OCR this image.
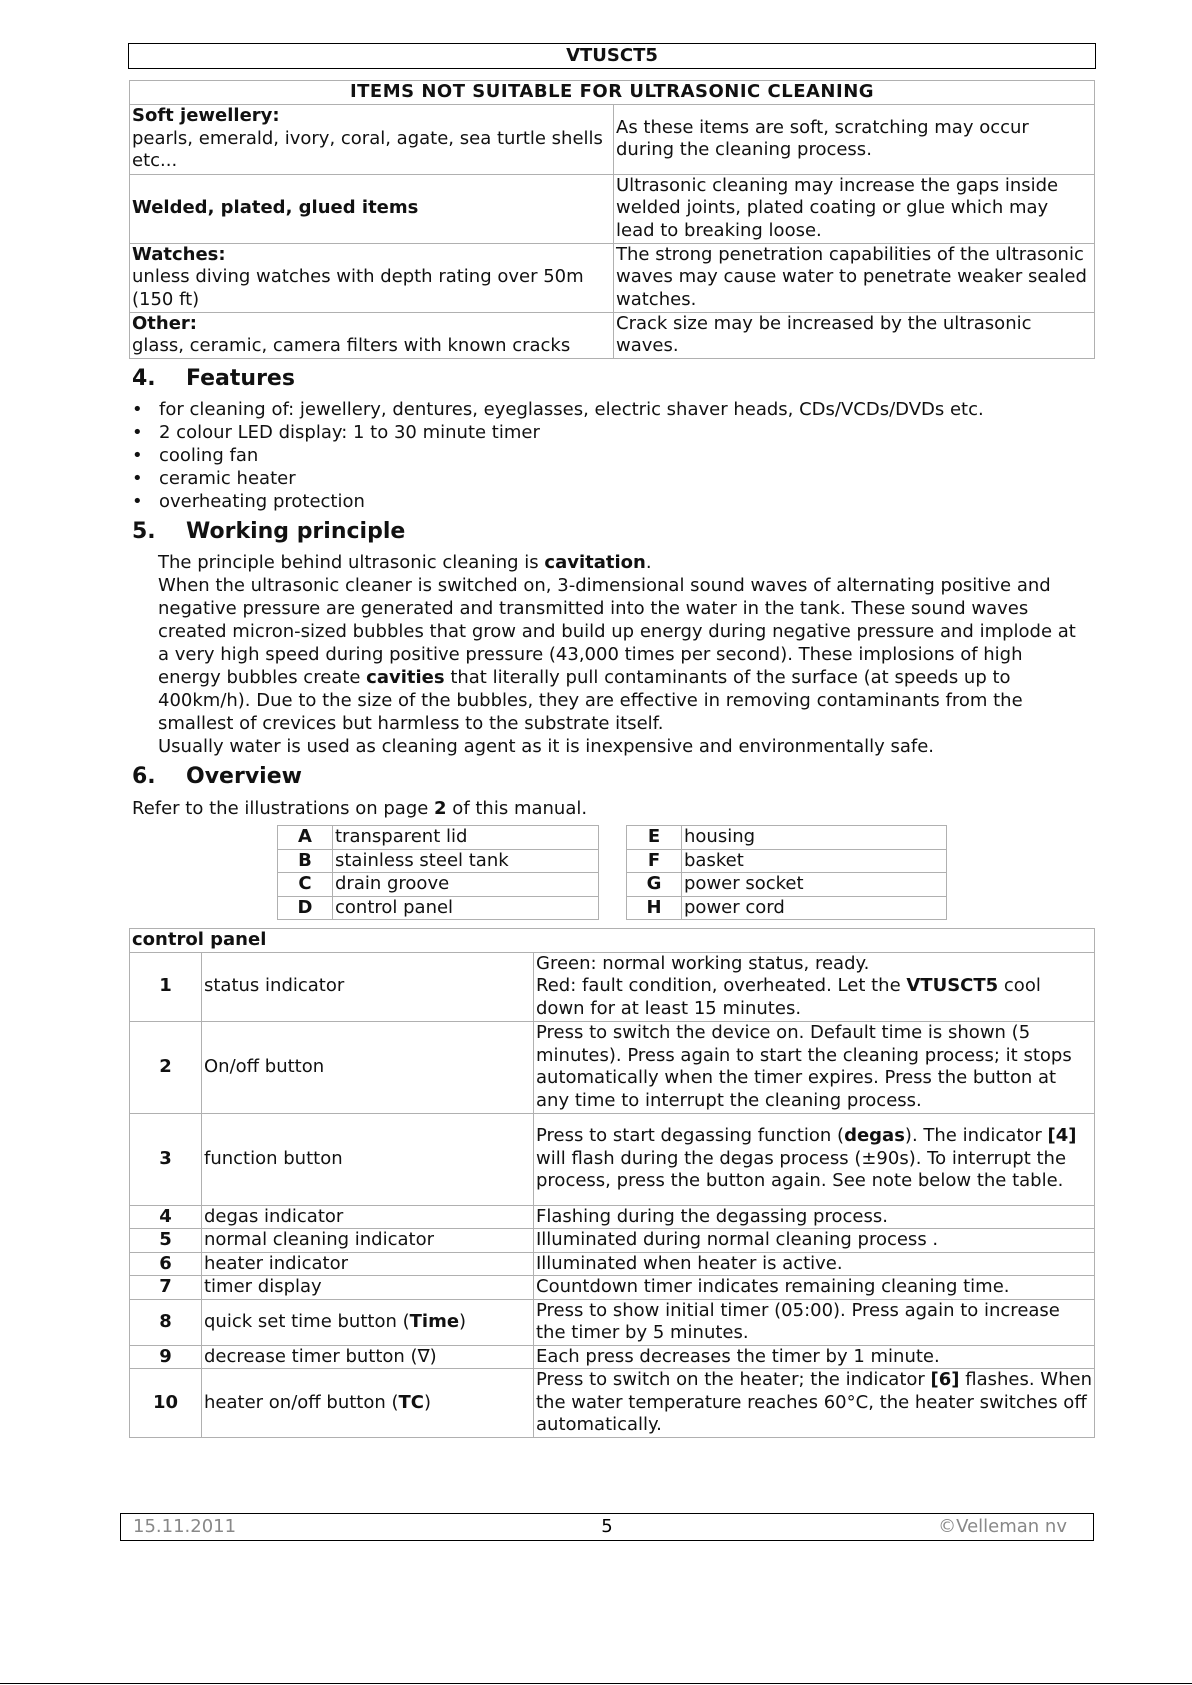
VTUSCT5
ITEMS NOT SUITABLE FOR ULTRASONIC CLEANING	
Soft jewellery:
pearls, emerald, ivory, coral, agate, sea turtle shells etc...	As these items are soft, scratching may occur during the cleaning process.
Welded, plated, glued items	Ultrasonic cleaning may increase the gaps inside welded joints, plated coating or glue which may lead to breaking loose.
Watches:
unless diving watches with depth rating over 50m (150 ft)	The strong penetration capabilities of the ultrasonic waves may cause water to penetrate weaker sealed watches.
Other:
glass, ceramic, camera filters with known cracks	Crack size may be increased by the ultrasonic waves.
4. Features
• for cleaning of: jewellery, dentures, eyeglasses, electric shaver heads, CDs/VCDs/DVDs etc.
• 2 colour LED display: 1 to 30 minute timer
• cooling fan
• ceramic heater
• overheating protection
5. Working principle

The principle behind ultrasonic cleaning is cavitation.

When the ultrasonic cleaner is switched on, 3-dimensional sound waves of alternating positive and negative pressure are generated and transmitted into the water in the tank. These sound waves created micron-sized bubbles that grow and build up energy during negative pressure and implode at a very high speed during positive pressure (43,000 times per second). These implosions of high energy bubbles create cavities that literally pull contaminants of the surface (at speeds up to 400km/h). Due to the size of the bubbles, they are effective in removing contaminants from the smallest of crevices but harmless to the substrate itself.

Usually water is used as cleaning agent as it is inexpensive and environmentally safe.

6. Overview
Refer to the illustrations on page 2 of this manual.
A	transparent lid
B	stainless steel tank
C	drain groove
D	control panel
E	housing
F	basket
G	power socket
H	power cord
control panel		
1	status indicator	Green: normal working status, ready.
Red: fault condition, overheated. Let the VTUSCT5 cool down for at least 15 minutes.
2	On/off button	Press to switch the device on. Default time is shown (5 minutes). Press again to start the cleaning process; it stops automatically when the timer expires. Press the button at any time to interrupt the cleaning process.
3	function button	Press to start degassing function (degas). The indicator [4] will flash during the degas process (±90s). To interrupt the process, press the button again. See note below the table.
4	degas indicator	Flashing during the degassing process.
5	normal cleaning indicator	Illuminated during normal cleaning process .
6	heater indicator	Illuminated when heater is active.
7	timer display	Countdown timer indicates remaining cleaning time.
8	quick set time button (Time)	Press to show initial timer (05:00). Press again to increase the timer by 5 minutes.
9	decrease timer button (∇)	Each press decreases the timer by 1 minute.
10	heater on/off button (TC)	Press to switch on the heater; the indicator [6] flashes. When the water temperature reaches 60°C, the heater switches off automatically.
15.11.2011	5	©Velleman nv
